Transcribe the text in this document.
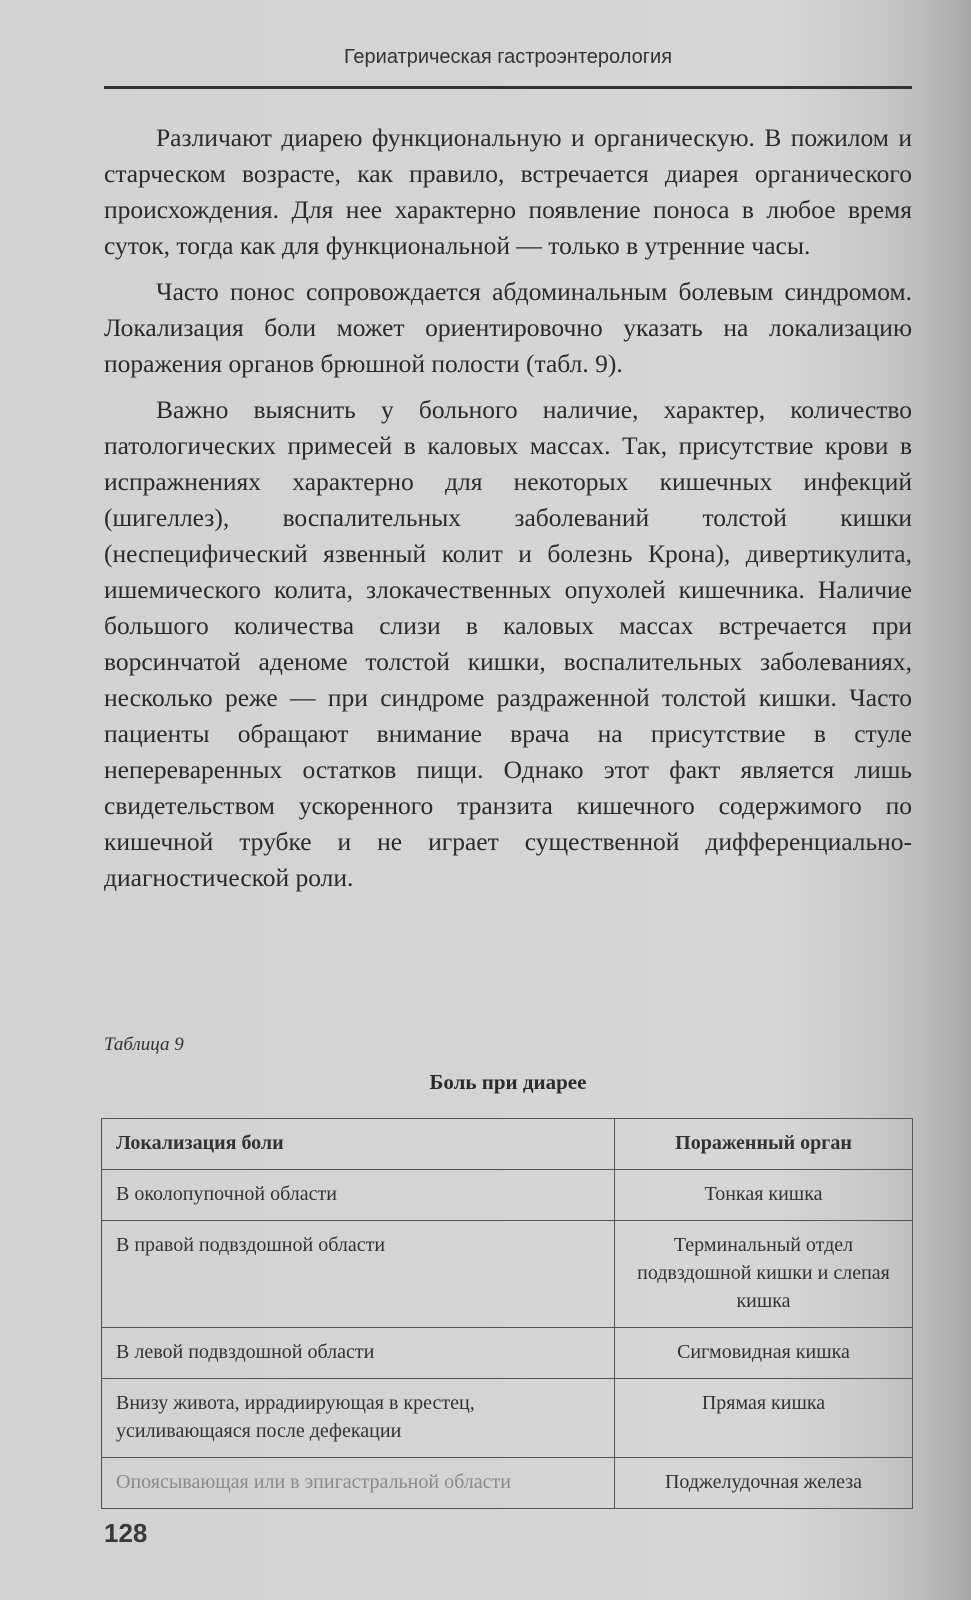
Гериатрическая гастроэнтерология

Различают диарею функциональную и органическую. В пожилом и старческом возрасте, как правило, встречается диарея органического происхождения. Для нее характерно появление поноса в любое время суток, тогда как для функциональной — только в утренние часы.

Часто понос сопровождается абдоминальным болевым синдромом. Локализация боли может ориентировочно указать на локализацию поражения органов брюшной полости (табл. 9).

Важно выяснить у больного наличие, характер, количество патологических примесей в каловых массах. Так, присутствие крови в испражнениях характерно для некоторых кишечных инфекций (шигеллез), воспалительных заболеваний толстой кишки (неспецифический язвенный колит и болезнь Крона), дивертикулита, ишемического колита, злокачественных опухолей кишечника. Наличие большого количества слизи в каловых массах встречается при ворсинчатой аденоме толстой кишки, воспалительных заболеваниях, несколько реже — при синдроме раздраженной толстой кишки. Часто пациенты обращают внимание врача на присутствие в стуле непереваренных остатков пищи. Однако этот факт является лишь свидетельством ускоренного транзита кишечного содержимого по кишечной трубке и не играет существенной дифференциально-диагностической роли.

Таблица 9
Боль при диарее
Локализация боли	Пораженный орган
В околопупочной области	Тонкая кишка
В правой подвздошной области	Терминальный отдел подвздошной кишки и слепая кишка
В левой подвздошной области	Сигмовидная кишка
Внизу живота, иррадиирующая в крестец, усиливающаяся после дефекации	Прямая кишка
Опоясывающая или в эпигастральной области	Поджелудочная железа
128
